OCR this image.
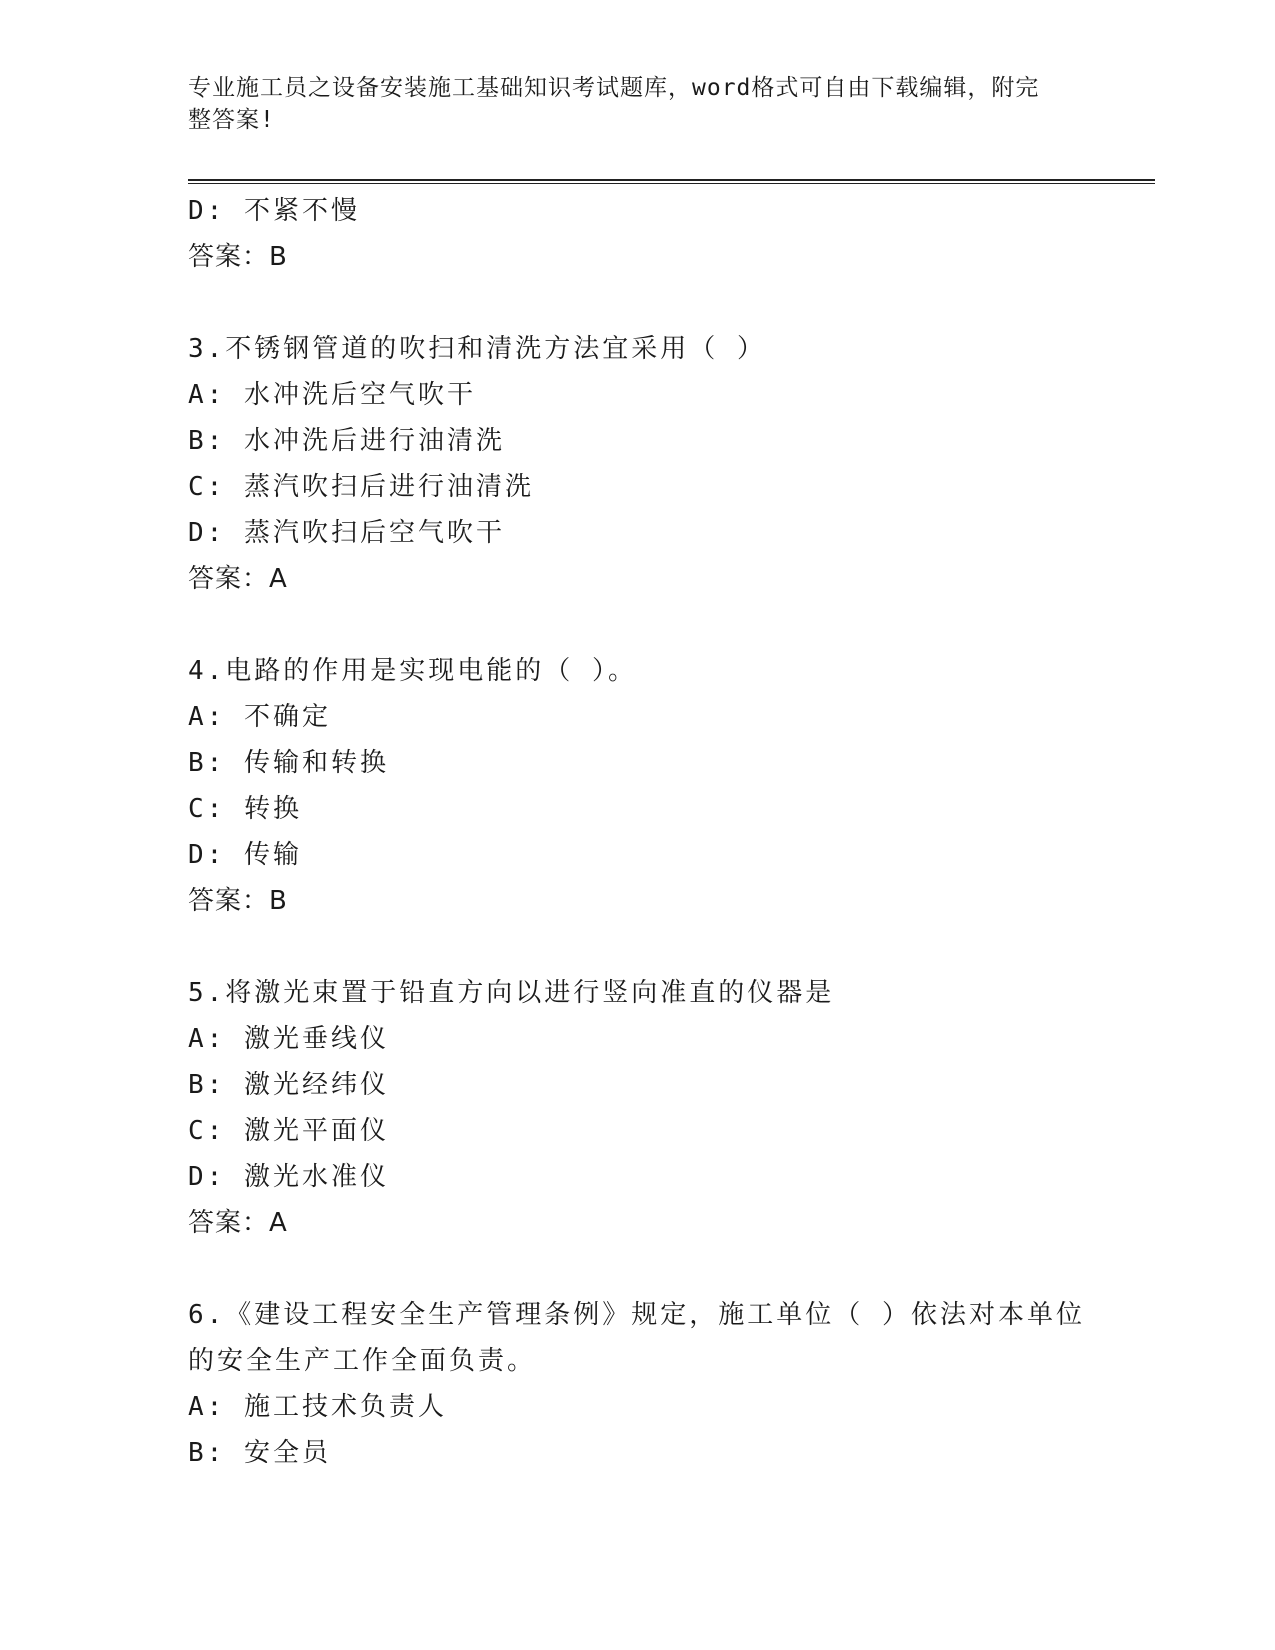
专业施工员之设备安装施工基础知识考试题库，word格式可自由下载编辑，附完
整答案!
D: 不紧不慢
答案：B
3.不锈钢管道的吹扫和清洗方法宜采用（ ）
A: 水冲洗后空气吹干
B: 水冲洗后进行油清洗
C: 蒸汽吹扫后进行油清洗
D: 蒸汽吹扫后空气吹干
答案：A
4.电路的作用是实现电能的（ ）。
A: 不确定
B: 传输和转换
C: 转换
D: 传输
答案：B
5.将激光束置于铅直方向以进行竖向准直的仪器是
A: 激光垂线仪
B: 激光经纬仪
C: 激光平面仪
D: 激光水准仪
答案：A
6.《建设工程安全生产管理条例》规定，施工单位（ ）依法对本单位
的安全生产工作全面负责。
A: 施工技术负责人
B: 安全员
